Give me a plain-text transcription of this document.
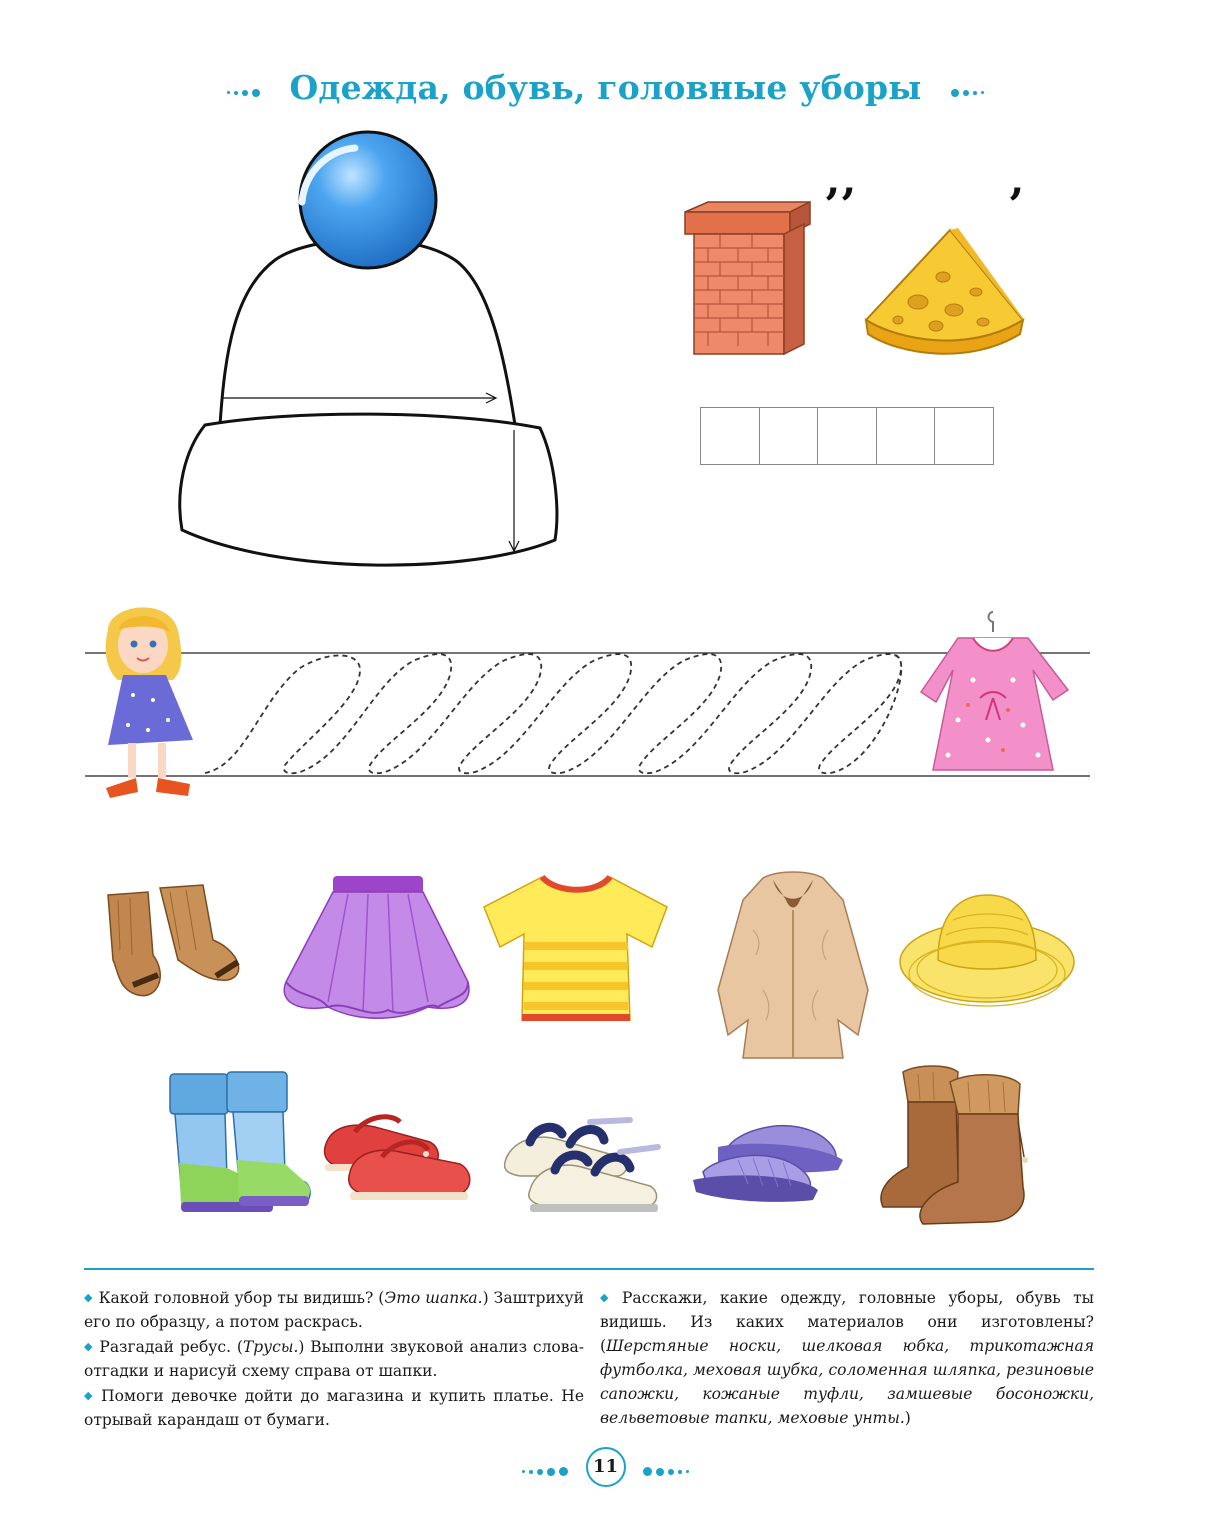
Одежда, обувь, головные уборы
’’	’

◆ Какой головной убор ты видишь? (Это шапка.) Заштрихуй его по образцу, а потом раскрась.

◆ Разгадай ребус. (Трусы.) Выполни звуковой анализ слова-отгадки и нарисуй схему справа от шапки.

◆ Помоги девочке дойти до магазина и купить платье. Не отрывай карандаш от бумаги.

◆ Расскажи, какие одежду, головные уборы, обувь ты видишь. Из каких материалов они изготовлены? (Шерстяные носки, шелковая юбка, трикотажная футболка, меховая шубка, соломенная шляпка, резиновые сапожки, кожаные туфли, замшевые босоножки, вельветовые тапки, меховые унты.)

11
